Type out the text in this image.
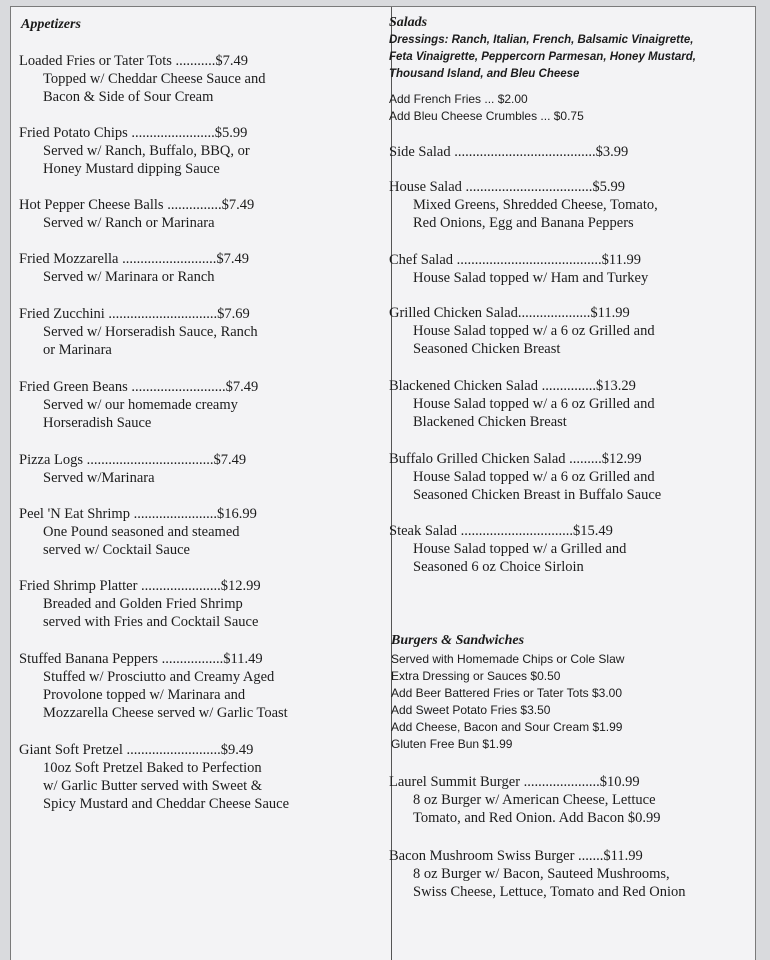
Appetizers
Loaded Fries or Tater Tots ...........$7.49
Topped w/ Cheddar Cheese Sauce and
Bacon & Side of Sour Cream
Fried Potato Chips .......................$5.99
Served w/ Ranch, Buffalo, BBQ, or
Honey Mustard dipping Sauce
Hot Pepper Cheese Balls ...............$7.49
Served w/ Ranch or Marinara
Fried Mozzarella ..........................$7.49
Served w/ Marinara or Ranch
Fried Zucchini ..............................$7.69
Served w/ Horseradish Sauce, Ranch
or Marinara
Fried Green Beans ..........................$7.49
Served w/ our homemade creamy
Horseradish Sauce
Pizza Logs ...................................$7.49
Served w/Marinara
Peel 'N Eat Shrimp .......................$16.99
One Pound seasoned and steamed
served w/ Cocktail Sauce
Fried Shrimp Platter ......................$12.99
Breaded and Golden Fried Shrimp
served with Fries and Cocktail Sauce
Stuffed Banana Peppers .................$11.49
Stuffed w/ Prosciutto and Creamy Aged
Provolone topped w/ Marinara and
Mozzarella Cheese served w/ Garlic Toast
Giant Soft Pretzel ..........................$9.49
10oz Soft Pretzel Baked to Perfection
w/ Garlic Butter served with Sweet &
Spicy Mustard and Cheddar Cheese Sauce
Salads
Dressings: Ranch, Italian, French, Balsamic Vinaigrette,
Feta Vinaigrette, Peppercorn Parmesan, Honey Mustard,
Thousand Island, and Bleu Cheese
Add French Fries ... $2.00
Add Bleu Cheese Crumbles ... $0.75
Side Salad .......................................$3.99
House Salad ...................................$5.99
Mixed Greens, Shredded Cheese, Tomato,
Red Onions, Egg and Banana Peppers
Chef Salad ........................................$11.99
House Salad topped w/ Ham and Turkey
Grilled Chicken Salad....................$11.99
House Salad topped w/ a 6 oz Grilled and
Seasoned Chicken Breast
Blackened Chicken Salad ...............$13.29
House Salad topped w/ a 6 oz Grilled and
Blackened Chicken Breast
Buffalo Grilled Chicken Salad .........$12.99
House Salad topped w/ a 6 oz Grilled and
Seasoned Chicken Breast in Buffalo Sauce
Steak Salad ...............................$15.49
House Salad topped w/ a Grilled and
Seasoned 6 oz Choice Sirloin
Burgers & Sandwiches
Served with Homemade Chips or Cole Slaw
Extra Dressing or Sauces $0.50
Add Beer Battered Fries or Tater Tots $3.00
Add Sweet Potato Fries $3.50
Add Cheese, Bacon and Sour Cream $1.99
Gluten Free Bun $1.99
Laurel Summit Burger .....................$10.99
8 oz Burger w/ American Cheese, Lettuce
Tomato, and Red Onion. Add Bacon $0.99
Bacon Mushroom Swiss Burger .......$11.99
8 oz Burger w/ Bacon, Sauteed Mushrooms,
Swiss Cheese, Lettuce, Tomato and Red Onion
